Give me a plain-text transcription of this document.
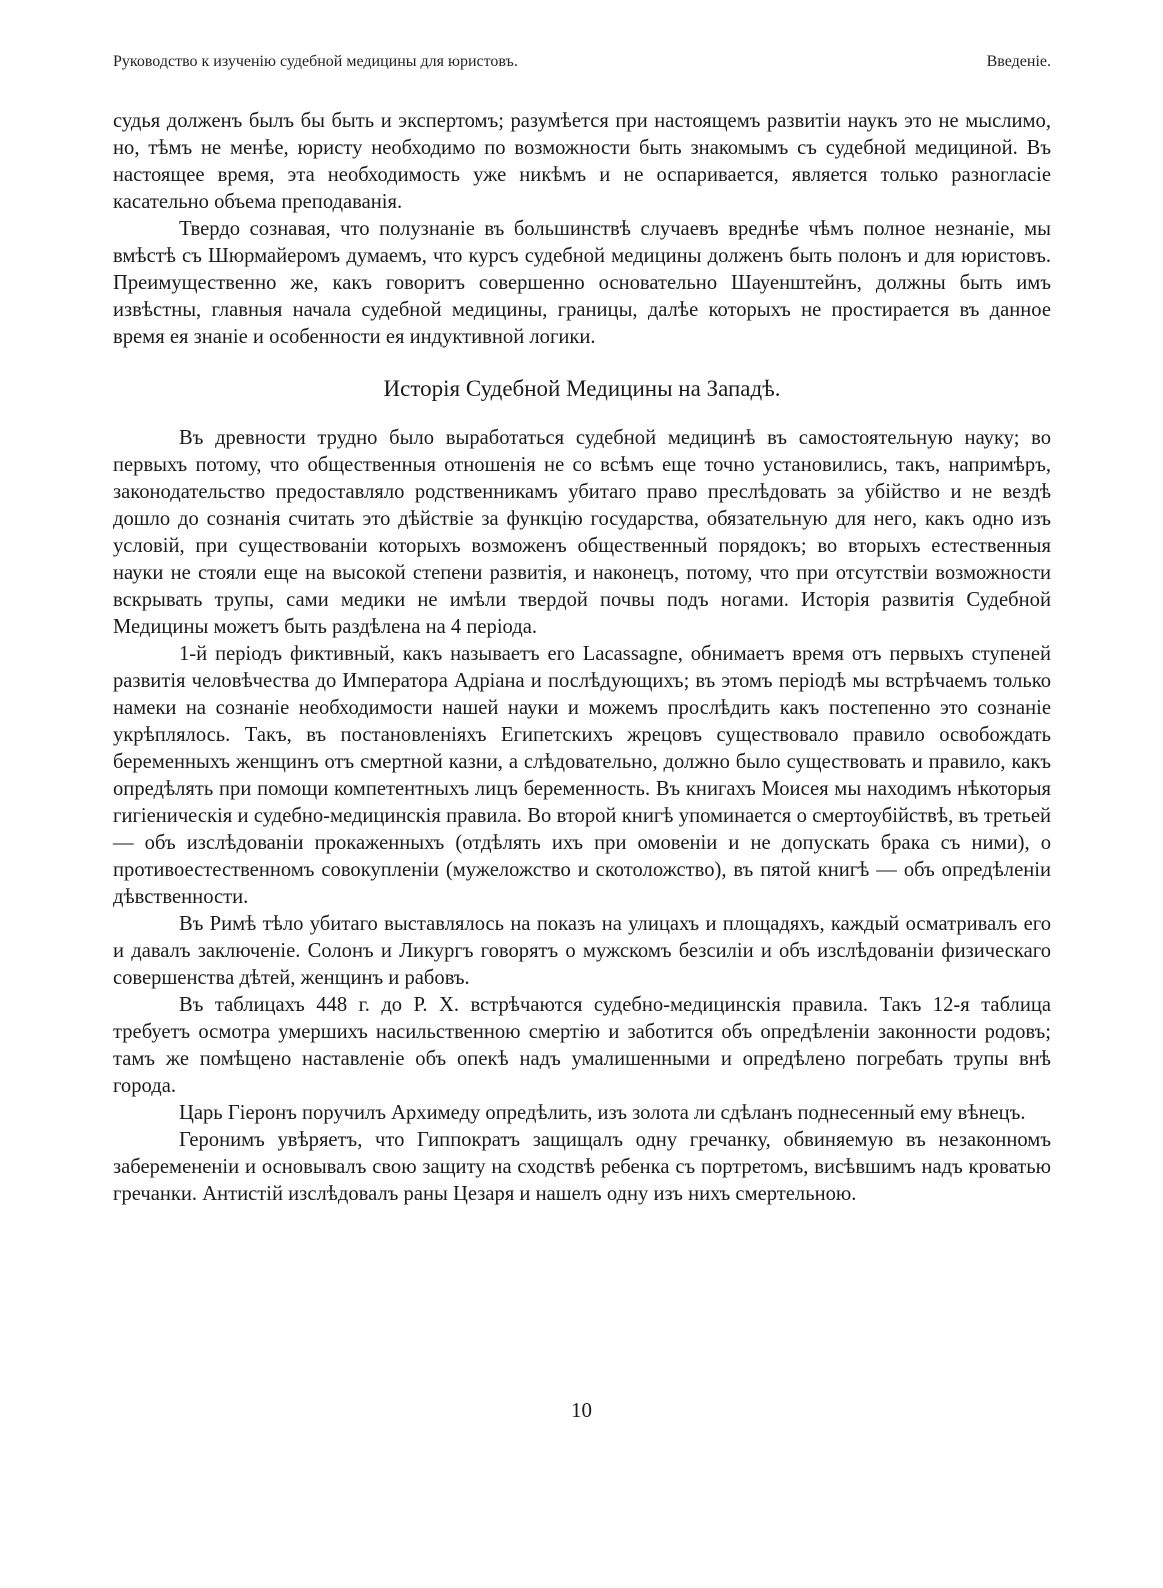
Руководство к изученію судебной медицины для юристовъ.	Введеніе.

судья долженъ былъ бы быть и экспертомъ; разумѣется при настоящемъ развитіи наукъ это не мыслимо, но, тѣмъ не менѣе, юристу необходимо по возможности быть знакомымъ съ судебной медициной. Въ настоящее время, эта необходимость уже никѣмъ и не оспаривается, является только разногласіе касательно объема преподаванія.

Твердо сознавая, что полузнаніе въ большинствѣ случаевъ вреднѣе чѣмъ полное незнаніе, мы вмѣстѣ съ Шюрмайеромъ думаемъ, что курсъ судебной медицины долженъ быть полонъ и для юристовъ. Преимущественно же, какъ говоритъ совершенно основательно Шауенштейнъ, должны быть имъ извѣстны, главныя начала судебной медицины, границы, далѣе которыхъ не простирается въ данное время ея знаніе и особенности ея индуктивной логики.

Исторія Судебной Медицины на Западѣ.

Въ древности трудно было выработаться судебной медицинѣ въ самостоятельную науку; во первыхъ потому, что общественныя отношенія не со всѣмъ еще точно установились, такъ, напримѣръ, законодательство предоставляло родственникамъ убитаго право преслѣдовать за убійство и не вездѣ дошло до сознанія считать это дѣйствіе за функцію государства, обязательную для него, какъ одно изъ условій, при существованіи которыхъ возможенъ общественный порядокъ; во вторыхъ естественныя науки не стояли еще на высокой степени развитія, и наконецъ, потому, что при отсутствіи возможности вскрывать трупы, сами медики не имѣли твердой почвы подъ ногами. Исторія развитія Судебной Медицины можетъ быть раздѣлена на 4 періода.

1-й періодъ фиктивный, какъ называетъ его Lacassagne, обнимаетъ время отъ первыхъ ступеней развитія человѣчества до Императора Адріана и послѣдующихъ; въ этомъ періодѣ мы встрѣчаемъ только намеки на сознаніе необходимости нашей науки и можемъ прослѣдить какъ постепенно это сознаніе укрѣплялось. Такъ, въ постановленіяхъ Египетскихъ жрецовъ существовало правило освобождать беременныхъ женщинъ отъ смертной казни, а слѣдовательно, должно было существовать и правило, какъ опредѣлять при помощи компетентныхъ лицъ беременность. Въ книгахъ Моисея мы находимъ нѣкоторыя гигіеническія и судебно-медицинскія правила. Во второй книгѣ упоминается о смертоубійствѣ, въ третьей — объ изслѣдованіи прокаженныхъ (отдѣлять ихъ при омовеніи и не допускать брака съ ними), о противоестественномъ совокупленіи (мужеложство и скотоложство), въ пятой книгѣ — объ опредѣленіи дѣвственности.

Въ Римѣ тѣло убитаго выставлялось на показъ на улицахъ и площадяхъ, каждый осматривалъ его и давалъ заключеніе. Солонъ и Ликургъ говорятъ о мужскомъ безсиліи и объ изслѣдованіи физическаго совершенства дѣтей, женщинъ и рабовъ.

Въ таблицахъ 448 г. до Р. Х. встрѣчаются судебно-медицинскія правила. Такъ 12-я таблица требуетъ осмотра умершихъ насильственною смертію и заботится объ опредѣленіи законности родовъ; тамъ же помѣщено наставленіе объ опекѣ надъ умалишенными и опредѣлено погребать трупы внѣ города.

Царь Гіеронъ поручилъ Архимеду опредѣлить, изъ золота ли сдѣланъ поднесенный ему вѣнецъ.

Геронимъ увѣряетъ, что Гиппократъ защищалъ одну гречанку, обвиняемую въ незаконномъ заберемененіи и основывалъ свою защиту на сходствѣ ребенка съ портретомъ, висѣвшимъ надъ кроватью гречанки. Антистій изслѣдовалъ раны Цезаря и нашелъ одну изъ нихъ смертельною.

10
